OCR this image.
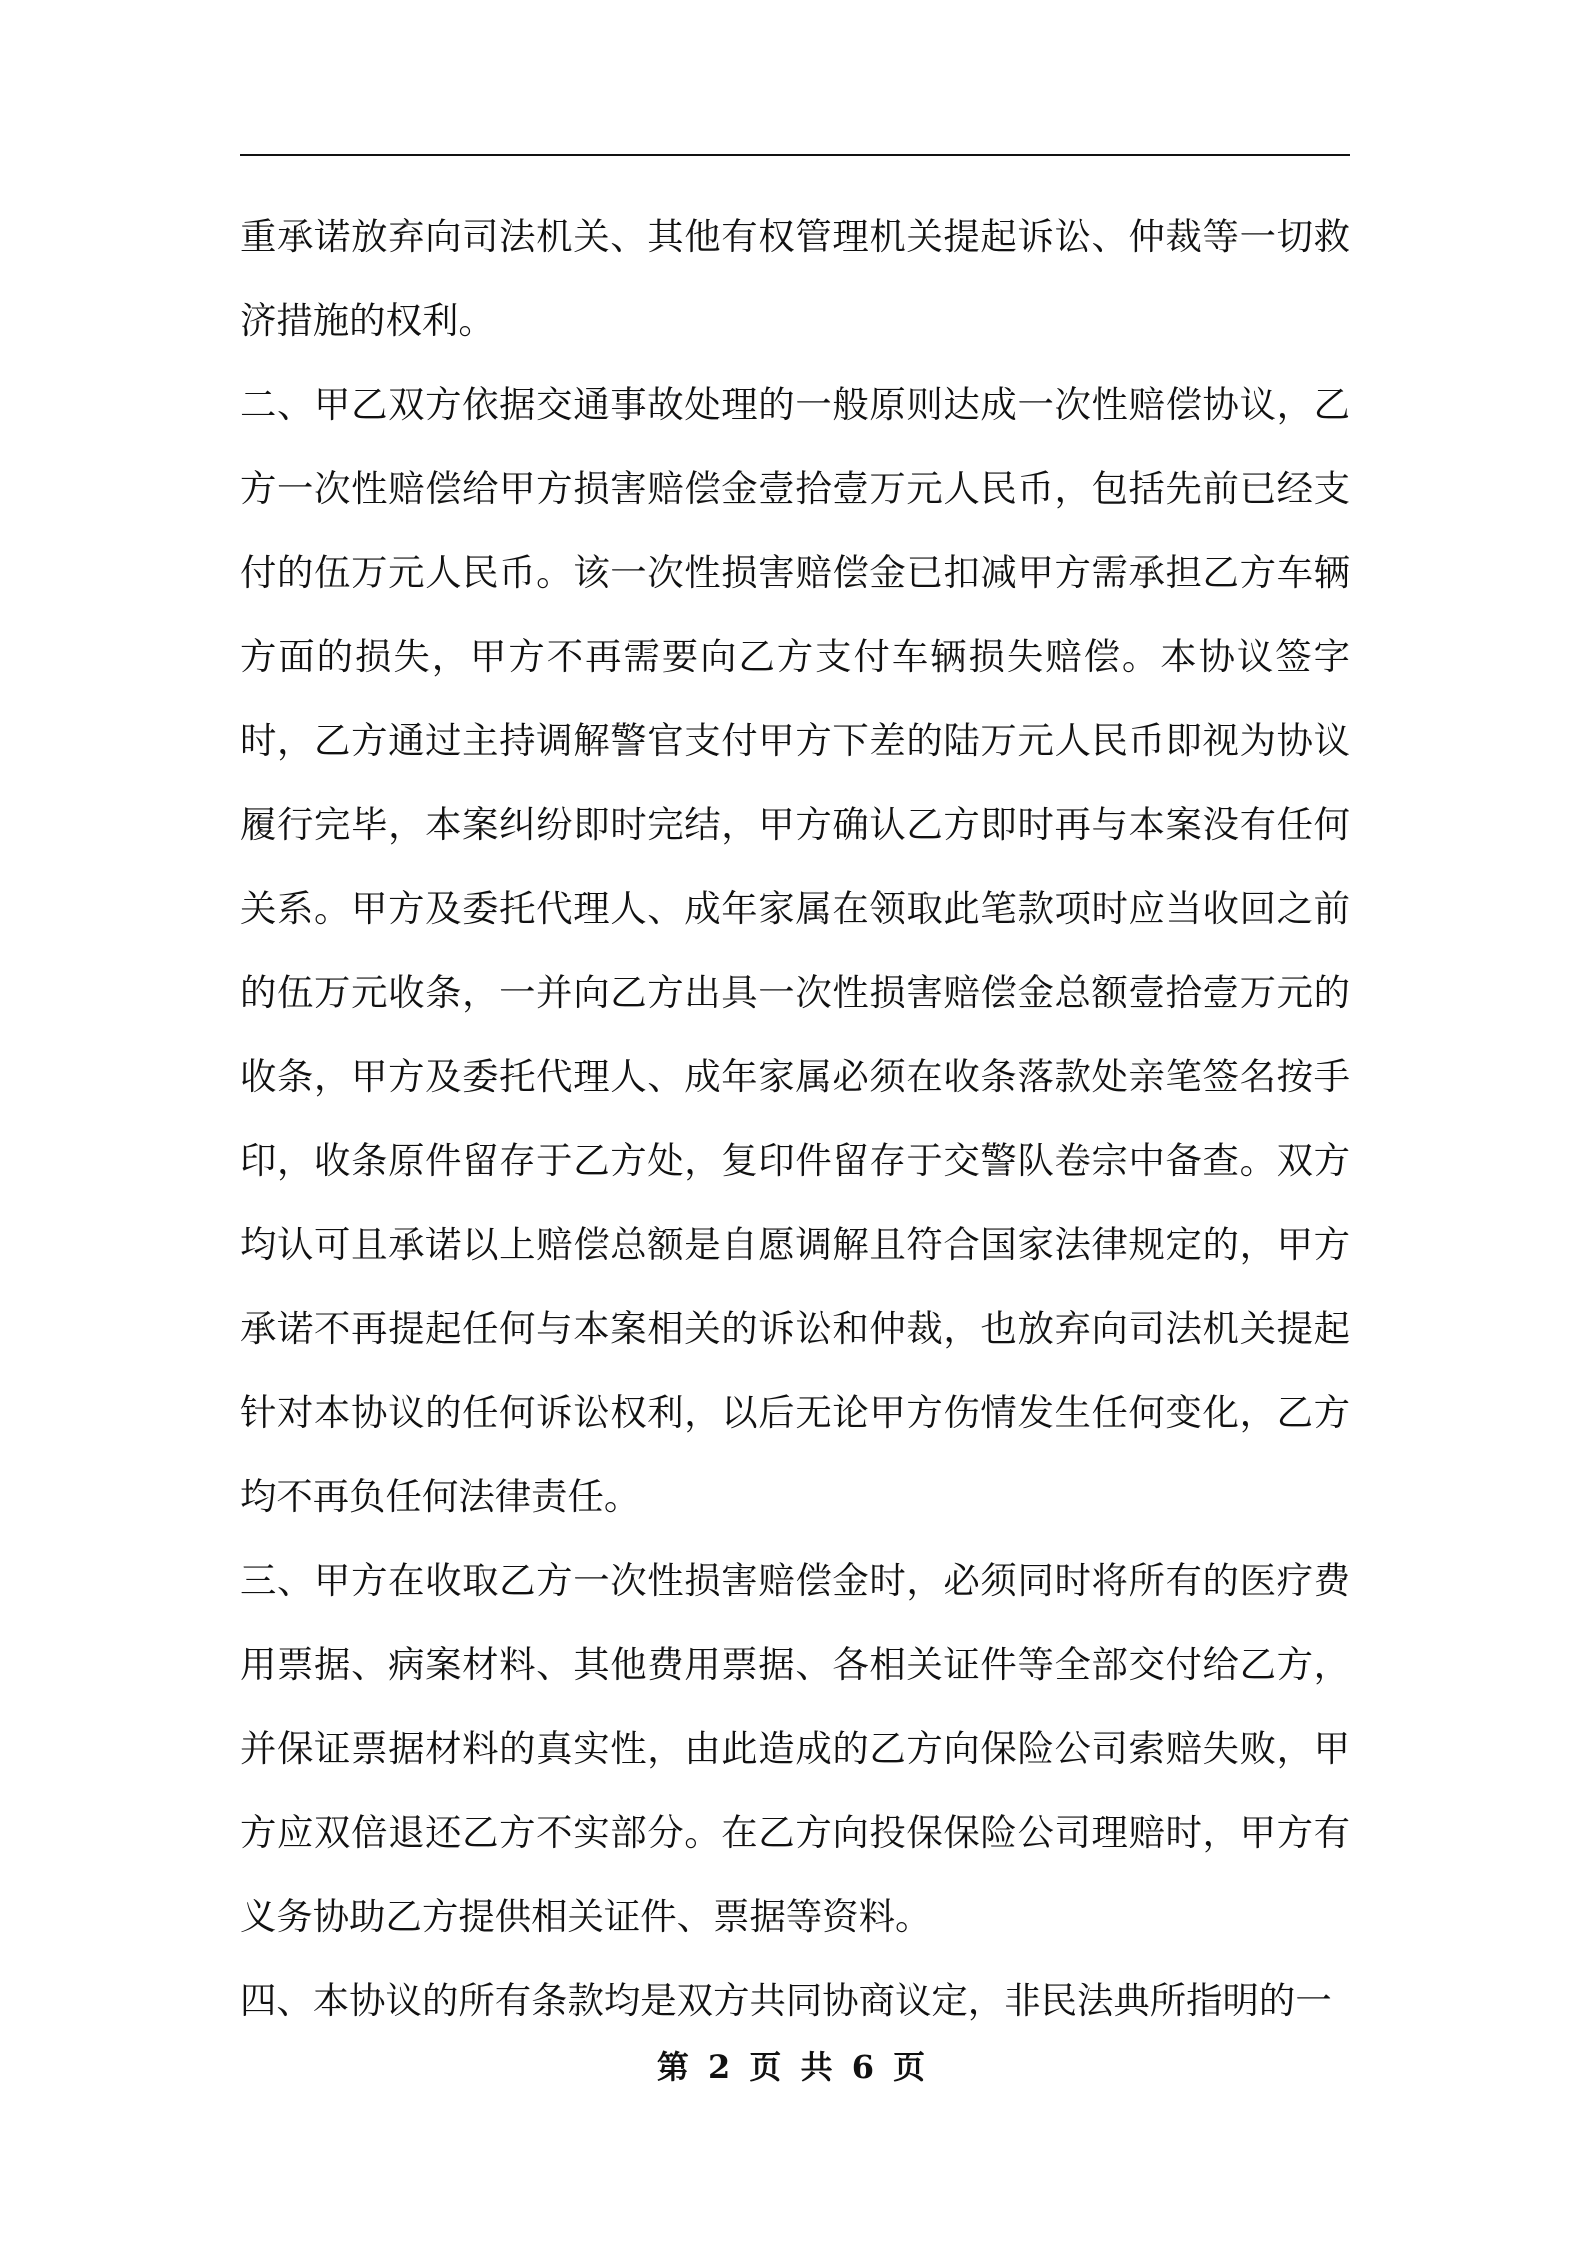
重承诺放弃向司法机关、其他有权管理机关提起诉讼、仲裁等一切救济措施的权利。

二、甲乙双方依据交通事故处理的一般原则达成一次性赔偿协议，乙方一次性赔偿给甲方损害赔偿金壹拾壹万元人民币，包括先前已经支付的伍万元人民币。该一次性损害赔偿金已扣减甲方需承担乙方车辆方面的损失，甲方不再需要向乙方支付车辆损失赔偿。本协议签字时，乙方通过主持调解警官支付甲方下差的陆万元人民币即视为协议履行完毕，本案纠纷即时完结，甲方确认乙方即时再与本案没有任何关系。甲方及委托代理人、成年家属在领取此笔款项时应当收回之前的伍万元收条，一并向乙方出具一次性损害赔偿金总额壹拾壹万元的收条，甲方及委托代理人、成年家属必须在收条落款处亲笔签名按手印，收条原件留存于乙方处，复印件留存于交警队卷宗中备查。双方均认可且承诺以上赔偿总额是自愿调解且符合国家法律规定的，甲方承诺不再提起任何与本案相关的诉讼和仲裁，也放弃向司法机关提起针对本协议的任何诉讼权利，以后无论甲方伤情发生任何变化，乙方均不再负任何法律责任。

三、甲方在收取乙方一次性损害赔偿金时，必须同时将所有的医疗费用票据、病案材料、其他费用票据、各相关证件等全部交付给乙方，并保证票据材料的真实性，由此造成的乙方向保险公司索赔失败，甲方应双倍退还乙方不实部分。在乙方向投保保险公司理赔时，甲方有义务协助乙方提供相关证件、票据等资料。

四、本协议的所有条款均是双方共同协商议定，非民法典所指明的一

第 2 页 共 6 页
